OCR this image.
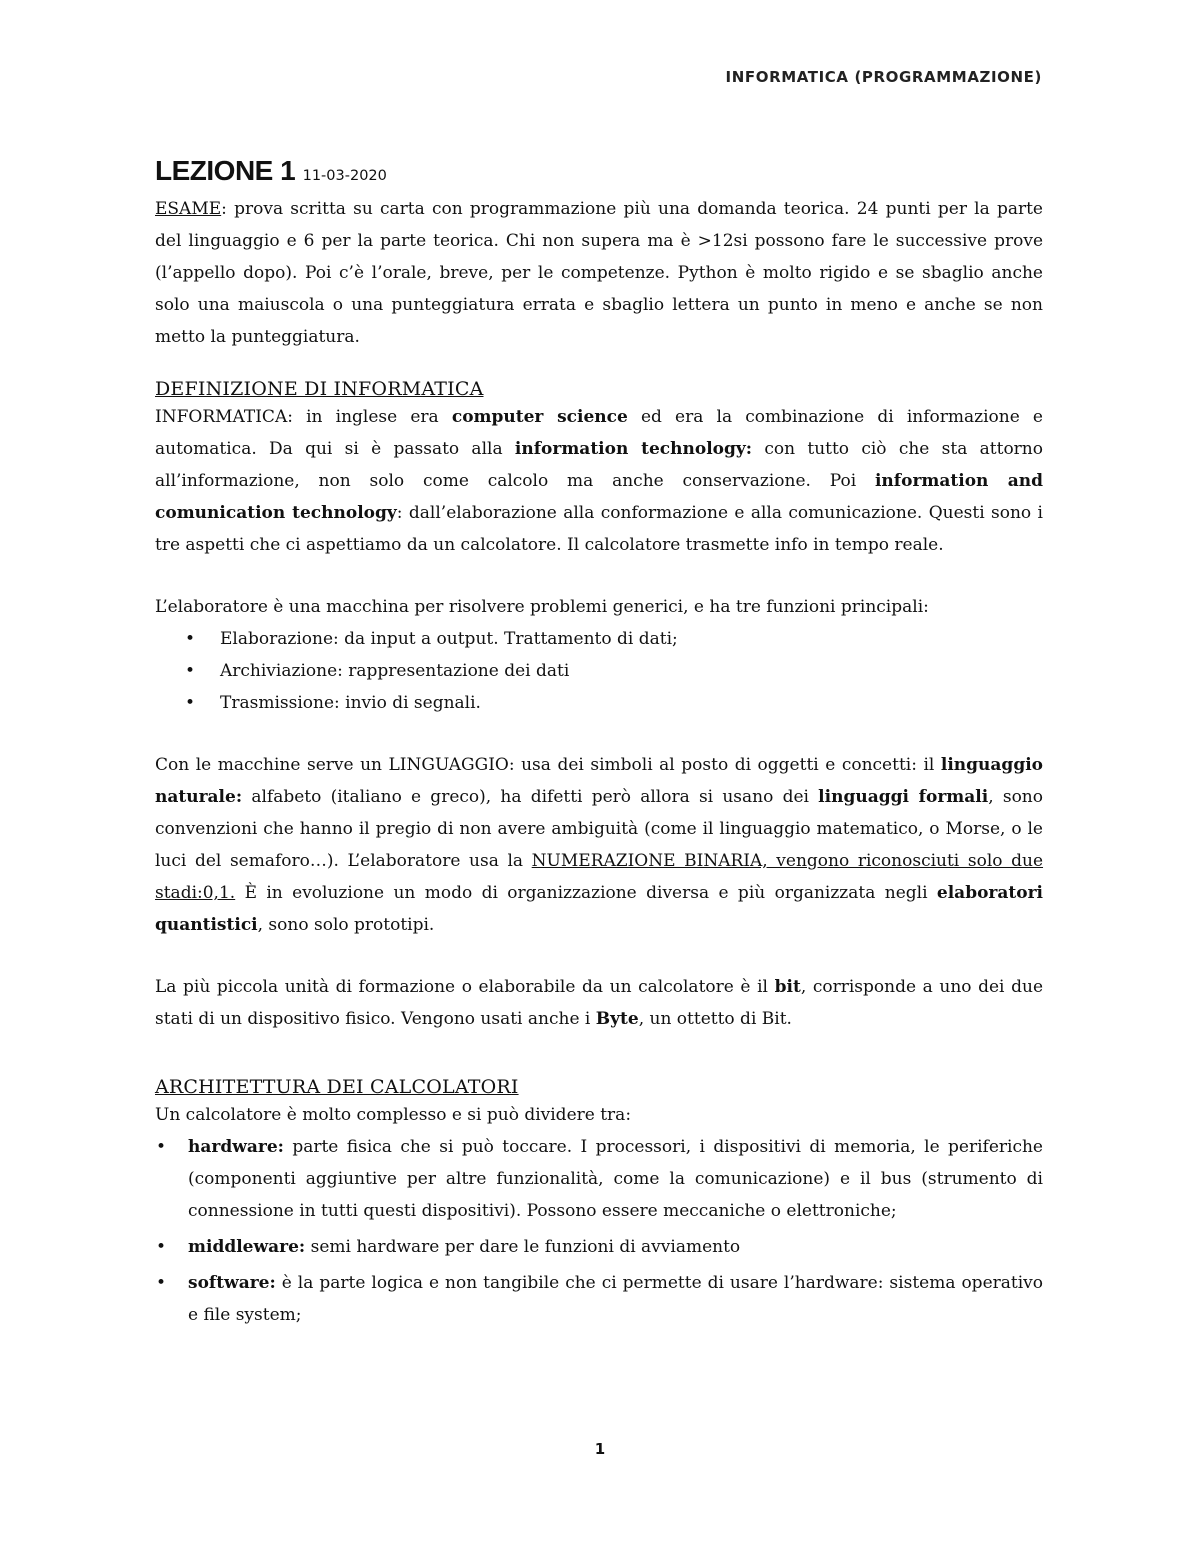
INFORMATICA (PROGRAMMAZIONE)
LEZIONE 1 11-03-2020

ESAME: prova scritta su carta con programmazione più una domanda teorica. 24 punti per la parte del linguaggio e 6 per la parte teorica. Chi non supera ma è >12si possono fare le successive prove (l’appello dopo). Poi c’è l’orale, breve, per le competenze. Python è molto rigido e se sbaglio anche solo una maiuscola o una punteggiatura errata e sbaglio lettera un punto in meno e anche se non metto la punteggiatura.

DEFINIZIONE DI INFORMATICA

INFORMATICA: in inglese era computer science ed era la combinazione di informazione e automatica. Da qui si è passato alla information technology: con tutto ciò che sta attorno all’informazione, non solo come calcolo ma anche conservazione. Poi information and comunication technology: dall’elaborazione alla conformazione e alla comunicazione. Questi sono i tre aspetti che ci aspettiamo da un calcolatore. Il calcolatore trasmette info in tempo reale.

L’elaboratore è una macchina per risolvere problemi generici, e ha tre funzioni principali:

• Elaborazione: da input a output. Trattamento di dati;
• Archiviazione: rappresentazione dei dati
• Trasmissione: invio di segnali.

Con le macchine serve un LINGUAGGIO: usa dei simboli al posto di oggetti e concetti: il linguaggio naturale: alfabeto (italiano e greco), ha difetti però allora si usano dei linguaggi formali, sono convenzioni che hanno il pregio di non avere ambiguità (come il linguaggio matematico, o Morse, o le luci del semaforo…). L’elaboratore usa la NUMERAZIONE BINARIA, vengono riconosciuti solo due stadi:0,1. È in evoluzione un modo di organizzazione diversa e più organizzata negli elaboratori quantistici, sono solo prototipi.

La più piccola unità di formazione o elaborabile da un calcolatore è il bit, corrisponde a uno dei due stati di un dispositivo fisico. Vengono usati anche i Byte, un ottetto di Bit.

ARCHITETTURA DEI CALCOLATORI

Un calcolatore è molto complesso e si può dividere tra:

• hardware: parte fisica che si può toccare. I processori, i dispositivi di memoria, le periferiche (componenti aggiuntive per altre funzionalità, come la comunicazione) e il bus (strumento di connessione in tutti questi dispositivi). Possono essere meccaniche o elettroniche;
• middleware: semi hardware per dare le funzioni di avviamento
• software: è la parte logica e non tangibile che ci permette di usare l’hardware: sistema operativo e file system;
1
